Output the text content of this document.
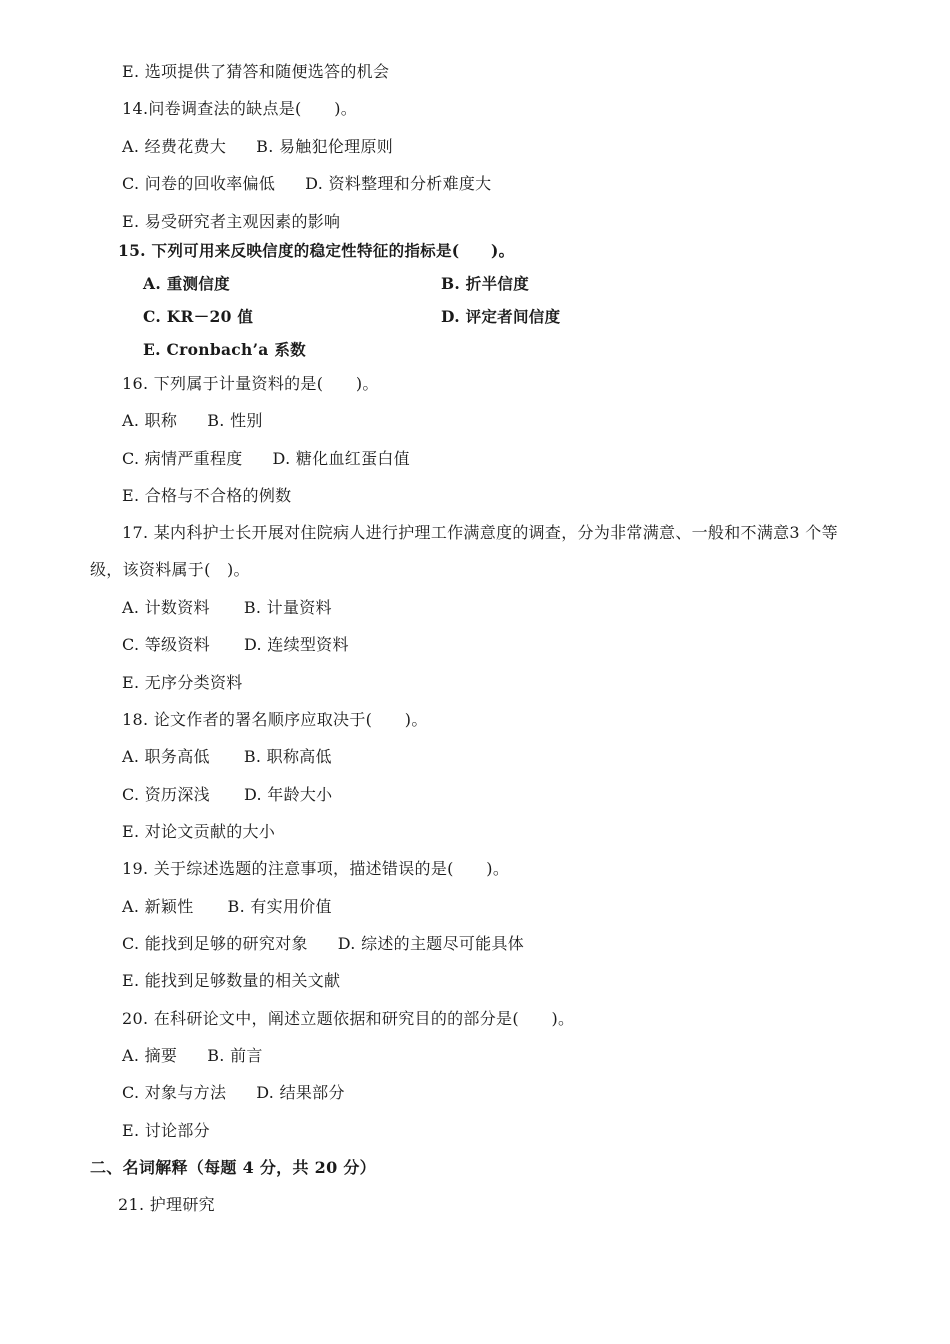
E. 选项提供了猜答和随便选答的机会
14.问卷调查法的缺点是(　　)。
A. 经费花费大 B. 易触犯伦理原则
C. 问卷的回收率偏低 D. 资料整理和分析难度大
E. 易受研究者主观因素的影响
15. 下列可用来反映信度的稳定性特征的指标是(　　)。
A. 重测信度	B. 折半信度
C. KR－20 值	D. 评定者间信度
E. Cronbach’a 系数
16. 下列属于计量资料的是(　　)。
A. 职称 B. 性别
C. 病情严重程度 D. 糖化血红蛋白值
E. 合格与不合格的例数
17. 某内科护士长开展对住院病人进行护理工作满意度的调查，分为非常满意、一般和不满意3 个等
级，该资料属于(　)。
A. 计数资料 B. 计量资料
C. 等级资料 D. 连续型资料
E. 无序分类资料
18. 论文作者的署名顺序应取决于(　　)。
A. 职务高低 B. 职称高低
C. 资历深浅 D. 年龄大小
E. 对论文贡献的大小
19. 关于综述选题的注意事项，描述错误的是(　　)。
A. 新颖性 B. 有实用价值
C. 能找到足够的研究对象 D. 综述的主题尽可能具体
E. 能找到足够数量的相关文献
20. 在科研论文中，阐述立题依据和研究目的的部分是(　　)。
A. 摘要 B. 前言
C. 对象与方法 D. 结果部分
E. 讨论部分
二、名词解释（每题 4 分，共 20 分）
21. 护理研究
